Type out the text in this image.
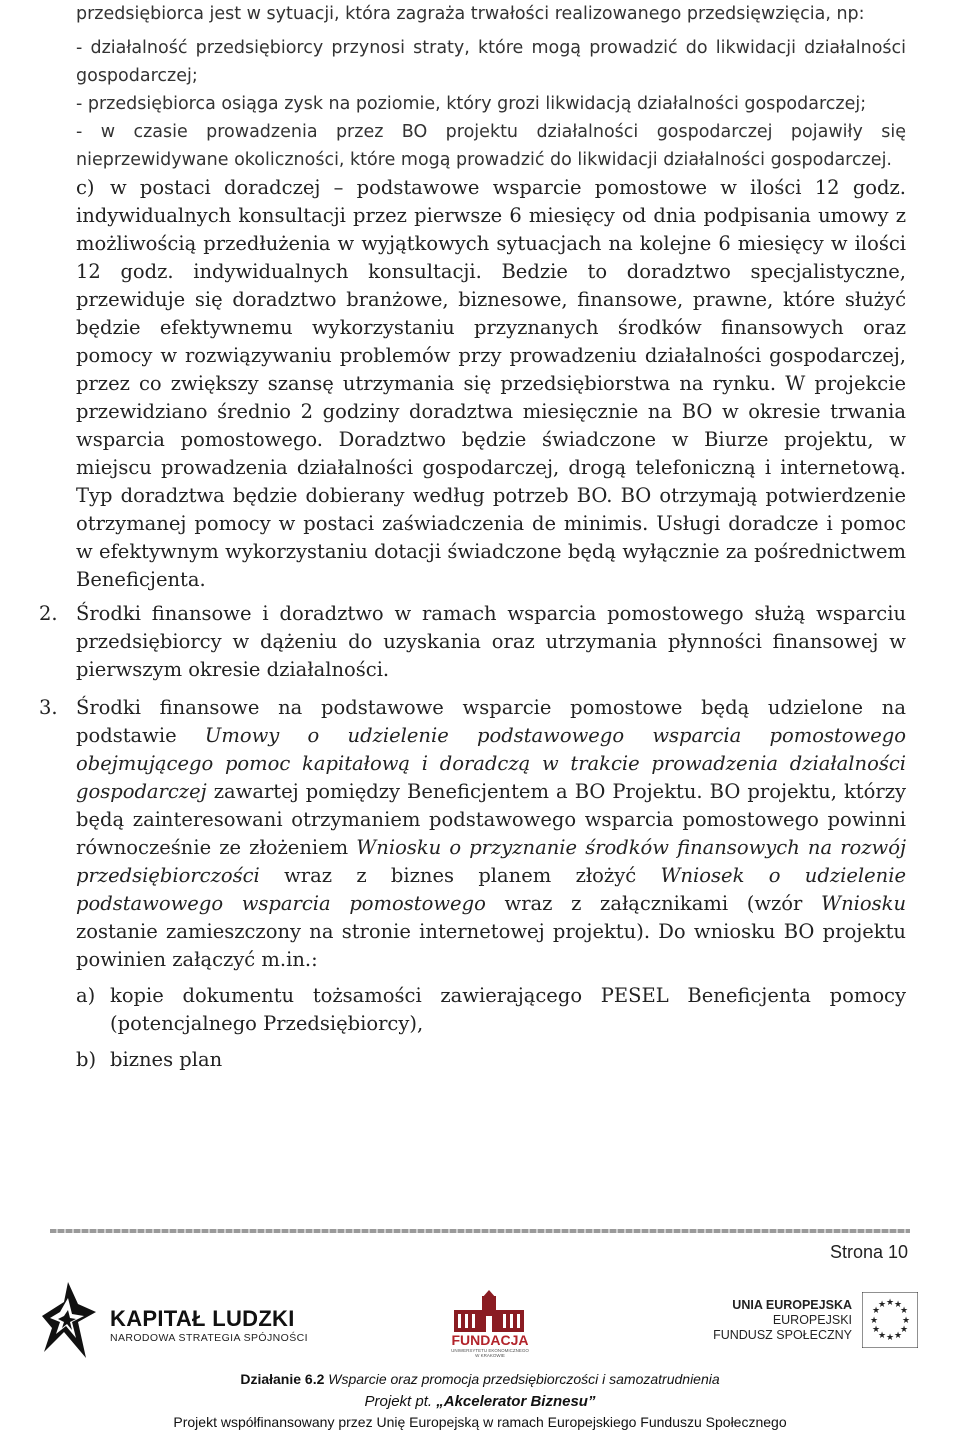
przedsiębiorca jest w sytuacji, która zagraża trwałości realizowanego przedsięwzięcia, np:

- działalność przedsiębiorcy przynosi straty, które mogą prowadzić do likwidacji działalności gospodarczej;

- przedsiębiorca osiąga zysk na poziomie, który grozi likwidacją działalności gospodarczej;

- w czasie prowadzenia przez BO projektu działalności gospodarczej pojawiły się nieprzewidywane okoliczności, które mogą prowadzić do likwidacji działalności gospodarczej.

c) w postaci doradczej – podstawowe wsparcie pomostowe w ilości 12 godz.

indywidualnych konsultacji przez pierwsze 6 miesięcy od dnia podpisania umowy z możliwością przedłużenia w wyjątkowych sytuacjach na kolejne 6 miesięcy w ilości 12 godz. indywidualnych konsultacji. Bedzie to doradztwo specjalistyczne, przewiduje się doradztwo branżowe, biznesowe, finansowe, prawne, które służyć będzie efektywnemu wykorzystaniu przyznanych środków finansowych oraz pomocy w rozwiązywaniu problemów przy prowadzeniu działalności gospodarczej, przez co zwiększy szansę utrzymania się przedsiębiorstwa na rynku. W projekcie przewidziano średnio 2 godziny doradztwa miesięcznie na BO w okresie trwania wsparcia pomostowego. Doradztwo będzie świadczone w Biurze projektu, w miejscu prowadzenia działalności gospodarczej, drogą telefoniczną i internetową. Typ doradztwa będzie dobierany według potrzeb BO. BO otrzymają potwierdzenie otrzymanej pomocy w postaci zaświadczenia de minimis. Usługi doradcze i pomoc w efektywnym wykorzystaniu dotacji świadczone będą wyłącznie za pośrednictwem Beneficjenta.

2. Środki finansowe i doradztwo w ramach wsparcia pomostowego służą wsparciu przedsiębiorcy w dążeniu do uzyskania oraz utrzymania płynności finansowej w pierwszym okresie działalności.

3. Środki finansowe na podstawowe wsparcie pomostowe będą udzielone na podstawie Umowy o udzielenie podstawowego wsparcia pomostowego obejmującego pomoc kapitałową i doradczą w trakcie prowadzenia działalności gospodarczej zawartej pomiędzy Beneficjentem a BO Projektu. BO projektu, którzy będą zainteresowani otrzymaniem podstawowego wsparcia pomostowego powinni równocześnie ze złożeniem Wniosku o przyznanie środków finansowych na rozwój przedsiębiorczości wraz z biznes planem złożyć Wniosek o udzielenie podstawowego wsparcia pomostowego wraz z załącznikami (wzór Wniosku zostanie zamieszczony na stronie internetowej projektu). Do wniosku BO projektu powinien załączyć m.in.:

a) kopie dokumentu tożsamości zawierającego PESEL Beneficjenta pomocy (potencjalnego Przedsiębiorcy),

b) biznes plan

Strona 10
KAPITAŁ LUDZKI
NARODOWA STRATEGIA SPÓJNOŚCI	FUNDACJA
UNIWERSYTETU EKONOMICZNEGO W KRAKOWIE
UNIA EUROPEJSKA
EUROPEJSKI
FUNDUSZ SPOŁECZNY
★ ★
★
★
★
★
★
★
★
★
★
★
Działanie 6.2 Wsparcie oraz promocja przedsiębiorczości i samozatrudnienia
Projekt pt. „Akcelerator Biznesu”
Projekt współfinansowany przez Unię Europejską w ramach Europejskiego Funduszu Społecznego
